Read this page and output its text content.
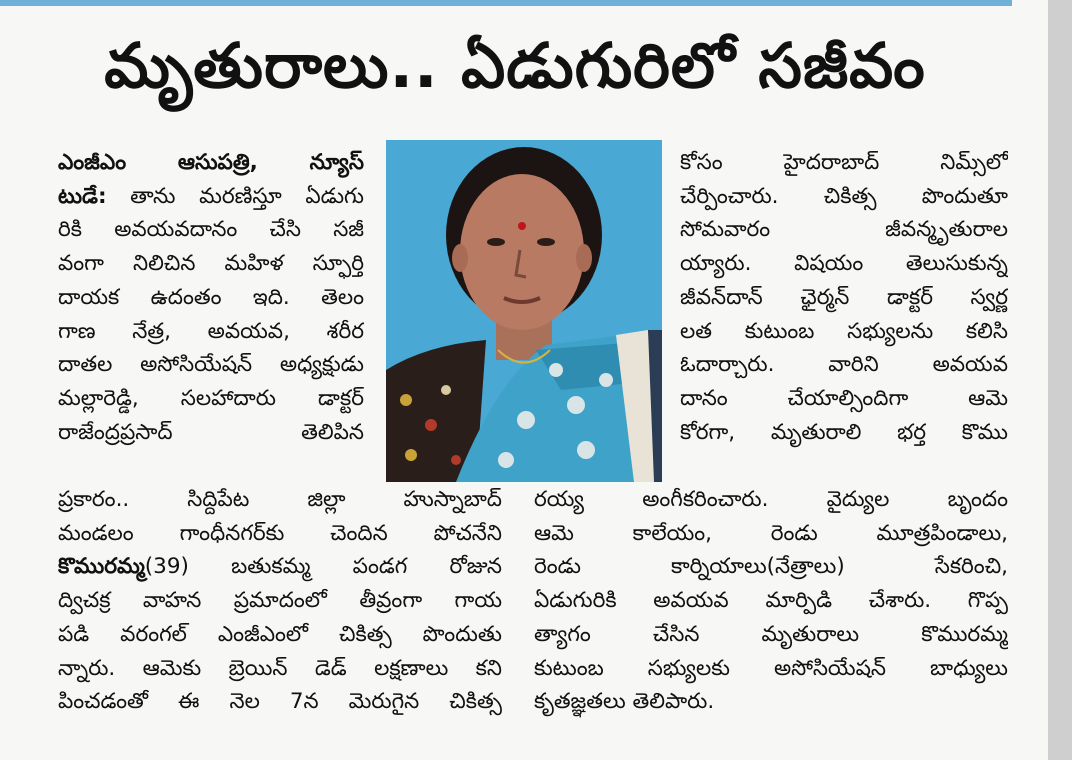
మృతురాలు.. ఏడుగురిలో సజీవం
ఎంజీఎం ఆసుపత్రి, న్యూస్
టుడే: తాను మరణిస్తూ ఏడుగు
రికి అవయవదానం చేసి సజీ
వంగా నిలిచిన మహిళ స్ఫూర్తి
దాయక ఉదంతం ఇది. తెలం
గాణ నేత్ర, అవయవ, శరీర
దాతల అసోసియేషన్ అధ్యక్షుడు
మల్లారెడ్డి, సలహాదారు డాక్టర్
రాజేంద్రప్రసాద్ తెలిపిన
కోసం హైదరాబాద్ నిమ్స్‌లో
చేర్పించారు. చికిత్స పొందుతూ
సోమవారం జీవన్మృతురాల
య్యారు. విషయం తెలుసుకున్న
జీవన్‌దాన్ ఛైర్మన్ డాక్టర్ స్వర్ణ
లత కుటుంబ సభ్యులను కలిసి
ఓదార్చారు. వారిని అవయవ
దానం చేయాల్సిందిగా ఆమె
కోరగా, మృతురాలి భర్త కొము
ప్రకారం.. సిద్దిపేట జిల్లా హుస్నాబాద్
మండలం గాంధీనగర్‌కు చెందిన పోచనేని
కొమురమ్మ(39) బతుకమ్మ పండగ రోజున
ద్విచక్ర వాహన ప్రమాదంలో తీవ్రంగా గాయ
పడి వరంగల్ ఎంజీఎంలో చికిత్స పొందుతు
న్నారు. ఆమెకు బ్రెయిన్ డెడ్ లక్షణాలు కని
పించడంతో ఈ నెల 7న మెరుగైన చికిత్స
రయ్య అంగీకరించారు. వైద్యుల బృందం
ఆమె కాలేయం, రెండు మూత్రపిండాలు,
రెండు కార్నియాలు(నేత్రాలు) సేకరించి,
ఏడుగురికి అవయవ మార్పిడి చేశారు. గొప్ప
త్యాగం చేసిన మృతురాలు కొమురమ్మ
కుటుంబ సభ్యులకు అసోసియేషన్ బాధ్యులు
కృతజ్ఞతలు తెలిపారు.
